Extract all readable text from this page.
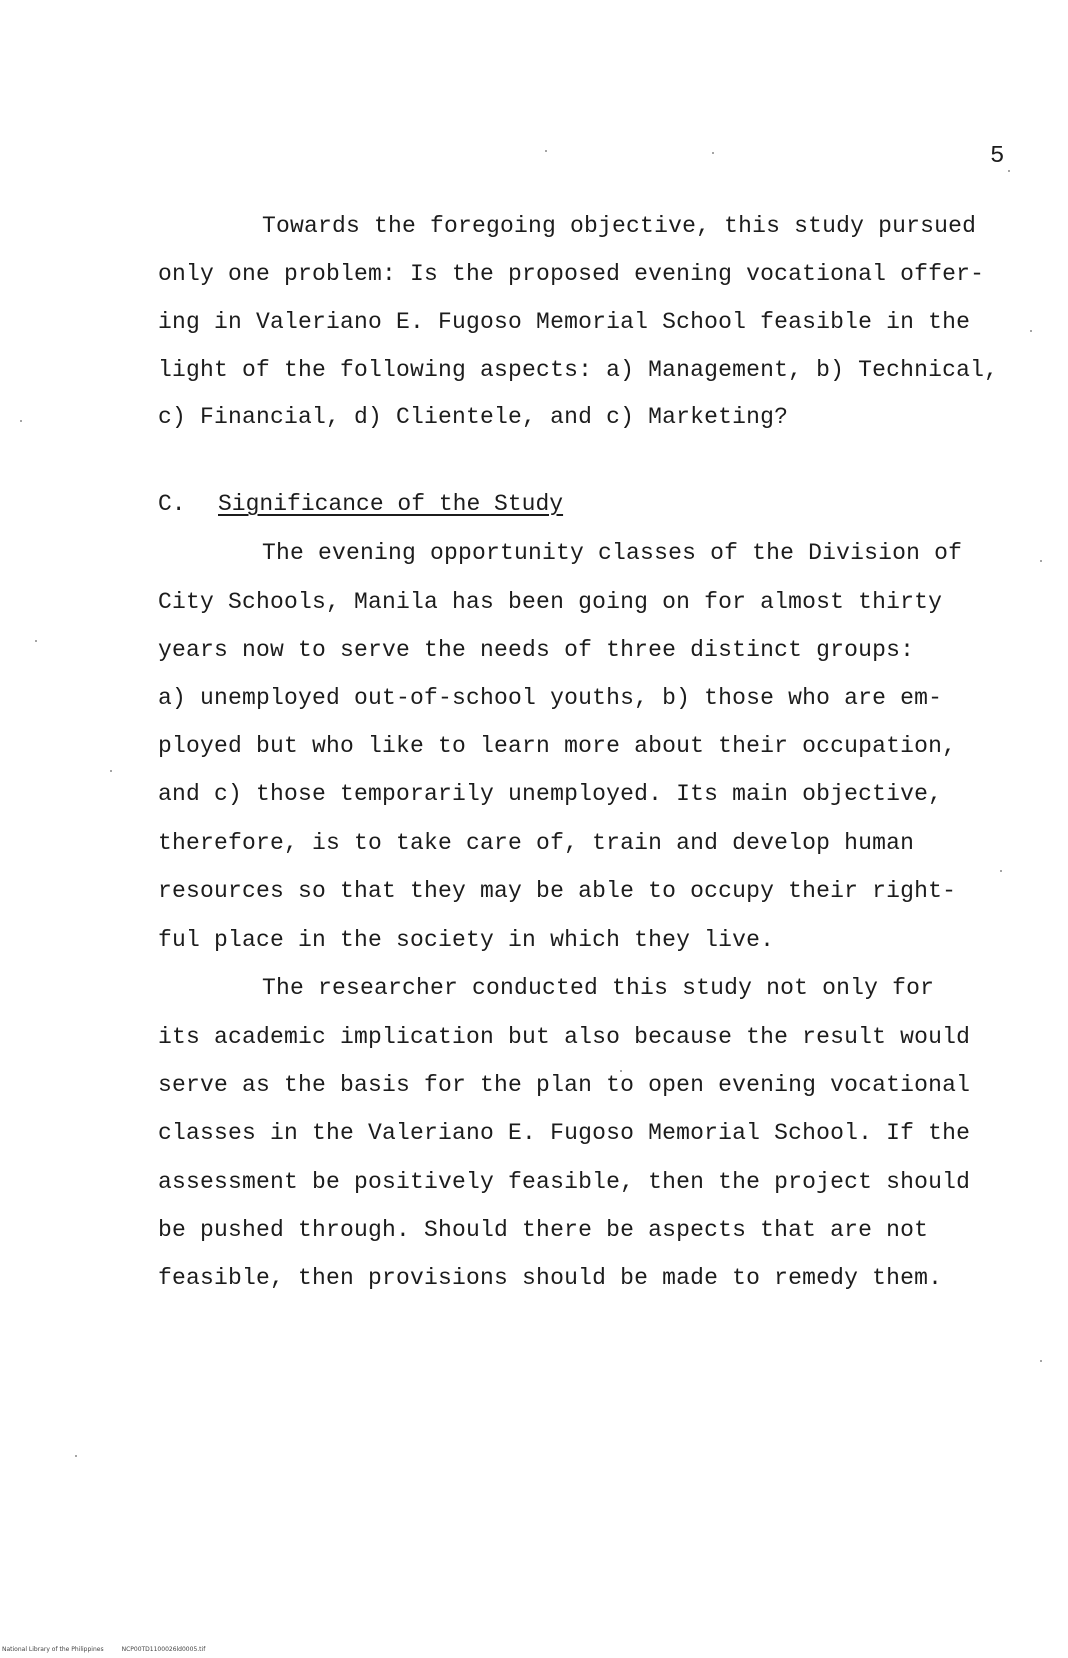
5
Towards the foregoing objective, this study pursued
only one problem: Is the proposed evening vocational offer-
ing in Valeriano E. Fugoso Memorial School feasible in the
light of the following aspects: a) Management, b) Technical,
c) Financial, d) Clientele, and c) Marketing?
C. Significance of the Study
The evening opportunity classes of the Division of
City Schools, Manila has been going on for almost thirty
years now to serve the needs of three distinct groups:
a) unemployed out-of-school youths, b) those who are em-
ployed but who like to learn more about their occupation,
and c) those temporarily unemployed. Its main objective,
therefore, is to take care of, train and develop human
resources so that they may be able to occupy their right-
ful place in the society in which they live.
The researcher conducted this study not only for
its academic implication but also because the result would
serve as the basis for the plan to open evening vocational
classes in the Valeriano E. Fugoso Memorial School. If the
assessment be positively feasible, then the project should
be pushed through. Should there be aspects that are not
feasible, then provisions should be made to remedy them.
National Library of the Philippines	NCP00TD1100026ld0005.tif
